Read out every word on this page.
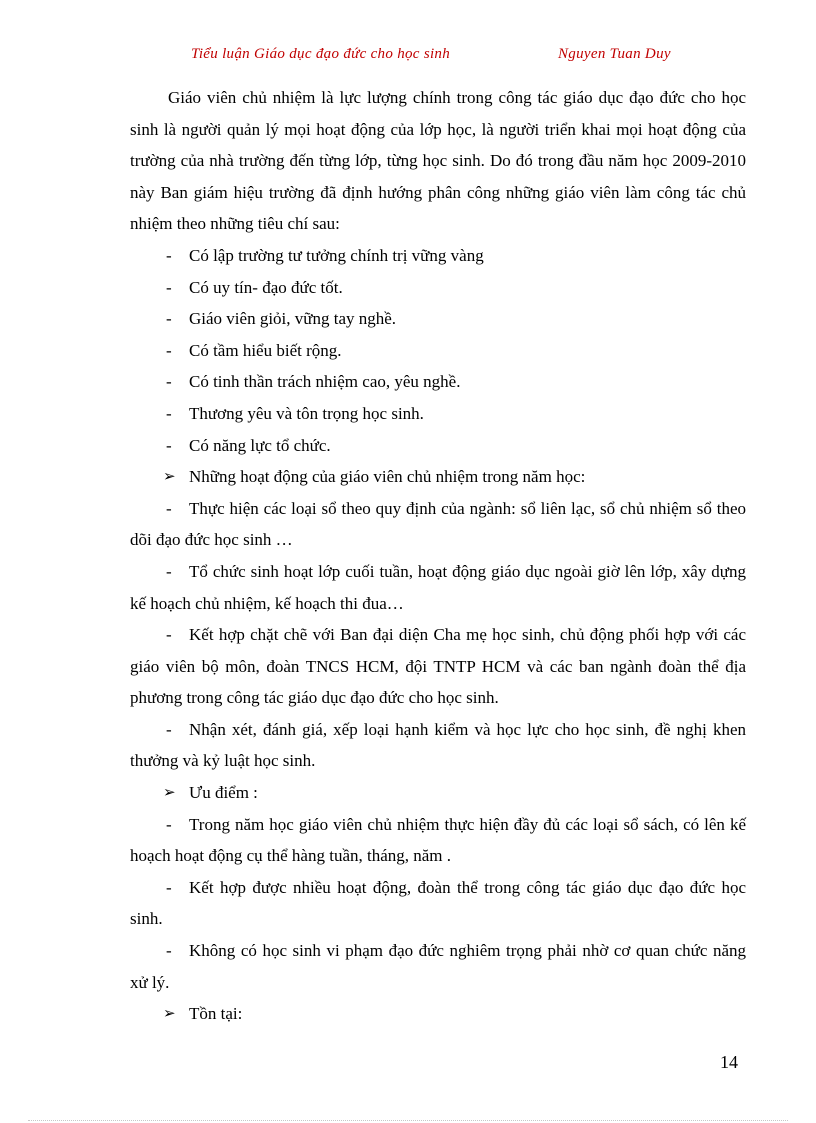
Tiểu luận Giáo dục đạo đức cho học sinh	Nguyen Tuan Duy

Giáo viên chủ nhiệm là lực lượng chính trong công tác giáo dục đạo đức cho học sinh là người quản lý mọi hoạt động của lớp học, là người triển khai mọi hoạt động của trường của nhà trường đến từng lớp, từng học sinh. Do đó trong đầu năm học 2009-2010 này Ban giám hiệu trường đã định hướng phân công những giáo viên làm công tác chủ nhiệm theo những tiêu chí sau:

- Có lập trường tư tưởng chính trị vững vàng

- Có uy tín- đạo đức tốt.

- Giáo viên giỏi, vững tay nghề.

- Có tầm hiểu biết rộng.

- Có tinh thần trách nhiệm cao, yêu nghề.

- Thương yêu và tôn trọng học sinh.

- Có năng lực tổ chức.

➢ Những hoạt động của giáo viên chủ nhiệm trong năm học:

- Thực hiện các loại sổ theo quy định của ngành: sổ liên lạc, sổ chủ nhiệm sổ theo dõi đạo đức học sinh …

- Tổ chức sinh hoạt lớp cuối tuần, hoạt động giáo dục ngoài giờ lên lớp, xây dựng kế hoạch chủ nhiệm, kế hoạch thi đua…

- Kết hợp chặt chẽ với Ban đại diện Cha mẹ học sinh, chủ động phối hợp với các giáo viên bộ môn, đoàn TNCS HCM, đội TNTP HCM và các ban ngành đoàn thể địa phương trong công tác giáo dục đạo đức cho học sinh.

- Nhận xét, đánh giá, xếp loại hạnh kiểm và học lực cho học sinh, đề nghị khen thưởng và kỷ luật học sinh.

➢ Ưu điểm :

- Trong năm học giáo viên chủ nhiệm thực hiện đầy đủ các loại sổ sách, có lên kế hoạch hoạt động cụ thể hàng tuần, tháng, năm .

- Kết hợp được nhiều hoạt động, đoàn thể trong công tác giáo dục đạo đức học sinh.

- Không có học sinh vi phạm đạo đức nghiêm trọng phải nhờ cơ quan chức năng xử lý.

➢ Tồn tại:

14
